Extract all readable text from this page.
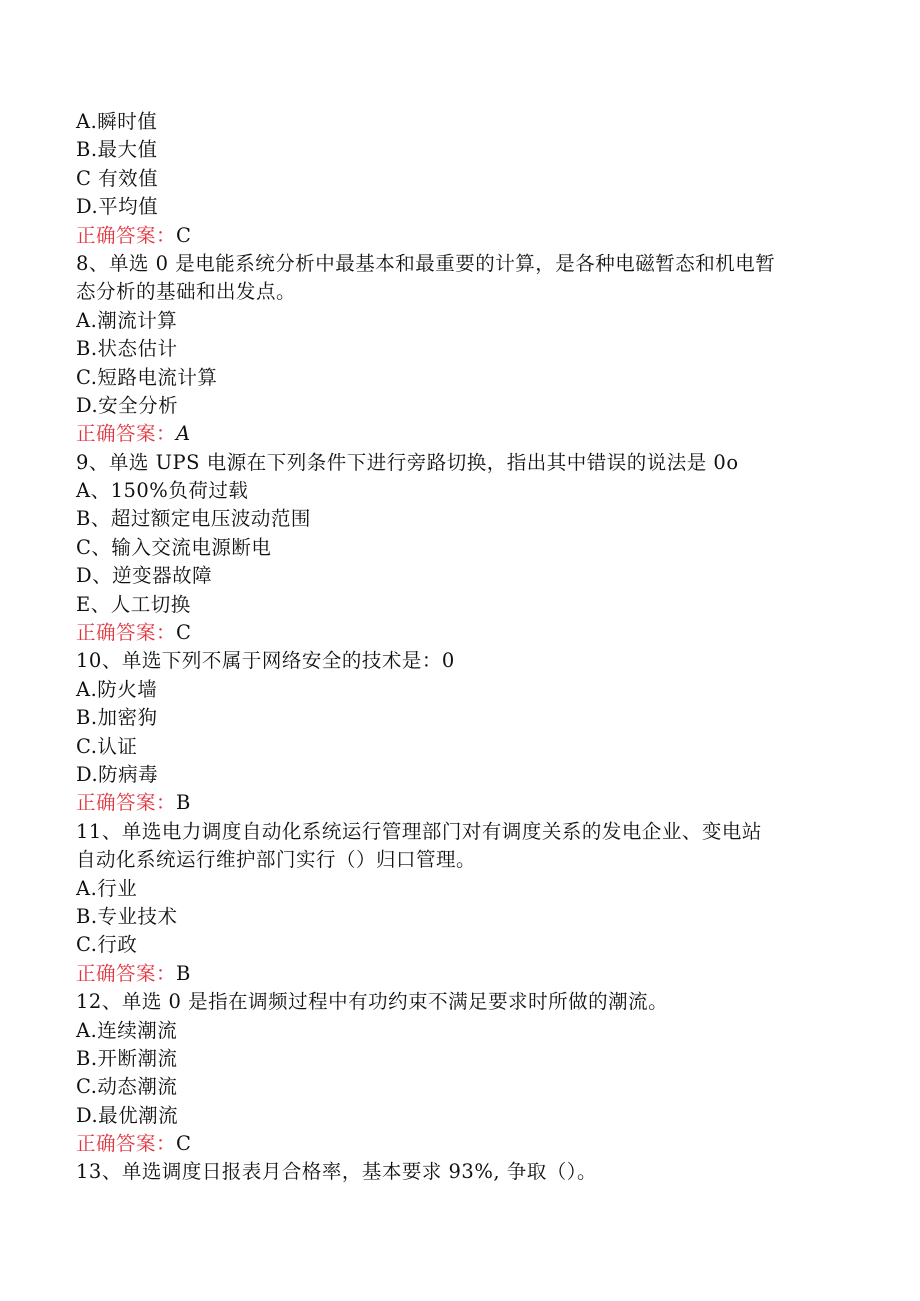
A.瞬时值
B.最大值
C 有效值
D.平均值
正确答案：C
8、单选 0 是电能系统分析中最基本和最重要的计算，是各种电磁暂态和机电暂
态分析的基础和出发点。
A.潮流计算
B.状态估计
C.短路电流计算
D.安全分析
正确答案：A
9、单选 UPS 电源在下列条件下进行旁路切换，指出其中错误的说法是 0o
A、150%负荷过载
B、超过额定电压波动范围
C、输入交流电源断电
D、逆变器故障
E、人工切换
正确答案：C
10、单选下列不属于网络安全的技术是：0
A.防火墙
B.加密狗
C.认证
D.防病毒
正确答案：B
11、单选电力调度自动化系统运行管理部门对有调度关系的发电企业、变电站
自动化系统运行维护部门实行（）归口管理。
A.行业
B.专业技术
C.行政
正确答案：B
12、单选 0 是指在调频过程中有功约束不满足要求时所做的潮流。
A.连续潮流
B.开断潮流
C.动态潮流
D.最优潮流
正确答案：C
13、单选调度日报表月合格率，基本要求 93%, 争取（）。
